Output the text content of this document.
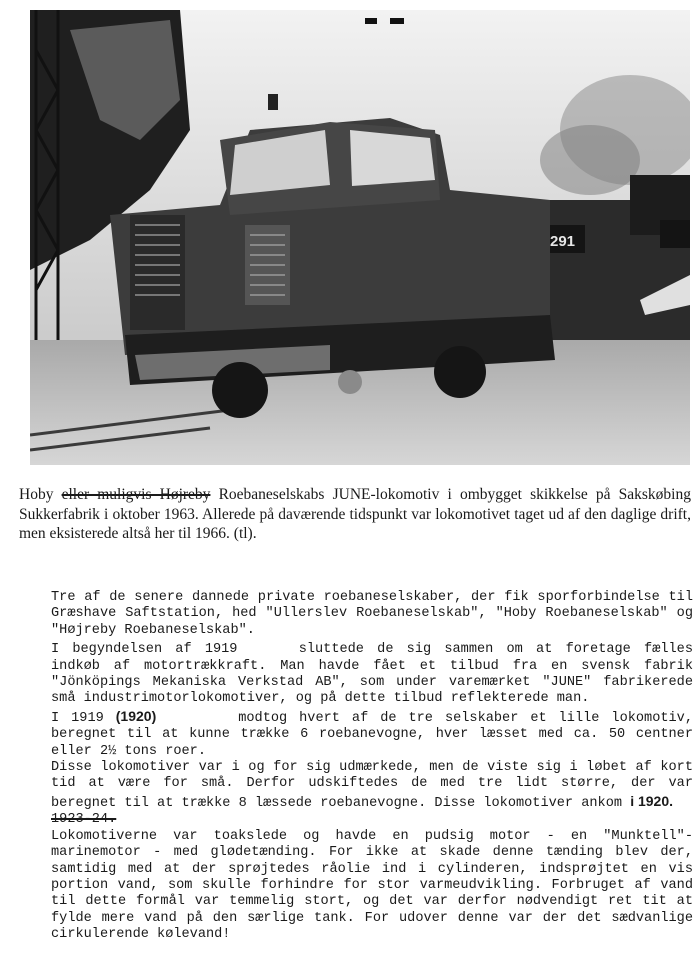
291
Hoby eller muligvis Højreby Roebaneselskabs JUNE-lokomotiv i ombygget skikkelse på Sakskøbing Sukkerfabrik i oktober 1963. Allerede på daværende tidspunkt var lokomotivet taget ud af den daglige drift, men eksisterede altså her til 1966. (tl).

Tre af de senere dannede private roebaneselskaber, der fik sporforbindelse til Græshave Saftstation, hed "Ullerslev Roebaneselskab", "Hoby Roebaneselskab" og "Højreby Roebaneselskab".

I begyndelsen af 1919	sluttede de sig sammen om at foretage fælles indkøb af motortrækkraft. Man havde fået et tilbud fra en svensk fabrik "Jönköpings Mekaniska Verkstad AB", som under varemærket "JUNE" fabrikerede små industrimotorlokomotiver, og på dette tilbud reflekterede man.

I 1919 (1920)	modtog hvert af de tre selskaber et lille lokomotiv, beregnet til at kunne trække 6 roebanevogne, hver læsset med ca. 50 centner eller 2½ tons roer.

Disse lokomotiver var i og for sig udmærkede, men de viste sig i løbet af kort tid at være for små. Derfor udskiftedes de med tre lidt større, der var beregnet til at trække 8 læssede roebanevogne. Disse lokomotiver ankom i 1920.
1923-24.

Lokomotiverne var toakslede og havde en pudsig motor - en "Munktell"-marinemotor - med glødetænding. For ikke at skade denne tænding blev der, samtidig med at der sprøjtedes råolie ind i cylinderen, indsprøjtet en vis portion vand, som skulle forhindre for stor varmeudvikling. Forbruget af vand til dette formål var temmelig stort, og det var derfor nødvendigt ret tit at fylde mere vand på den særlige tank. For udover denne var der det sædvanlige cirkulerende kølevand!
